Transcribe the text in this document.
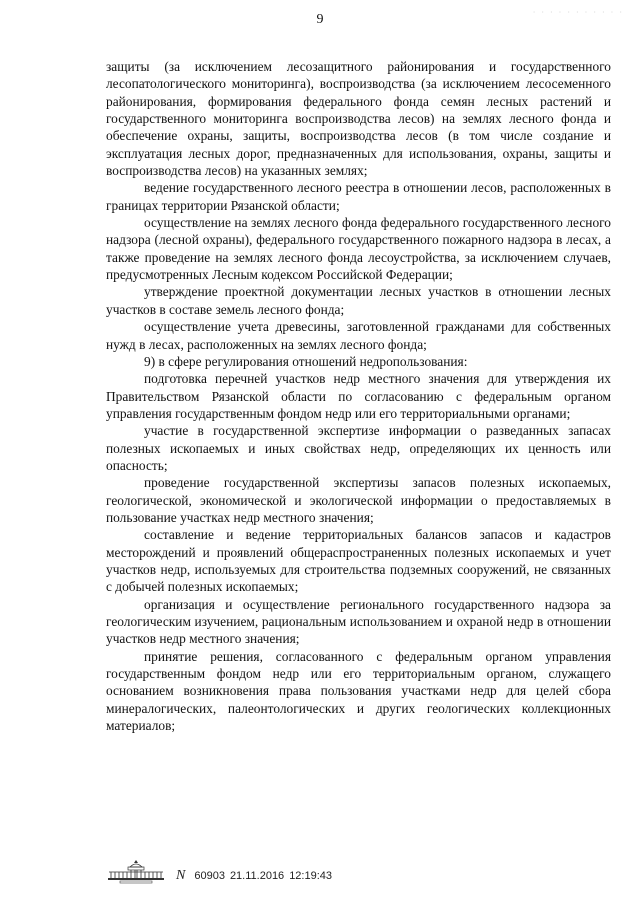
· · · · · · · · · · ·
9

защиты (за исключением лесозащитного районирования и государственного лесопатологического мониторинга), воспроизводства (за исключением лесосеменного районирования, формирования федерального фонда семян лесных растений и государственного мониторинга воспроизводства лесов) на землях лесного фонда и обеспечение охраны, защиты, воспроизводства лесов (в том числе создание и эксплуатация лесных дорог, предназначенных для использования, охраны, защиты и воспроизводства лесов) на указанных землях;

ведение государственного лесного реестра в отношении лесов, расположенных в границах территории Рязанской области;

осуществление на землях лесного фонда федерального государственного лесного надзора (лесной охраны), федерального государственного пожарного надзора в лесах, а также проведение на землях лесного фонда лесоустройства, за исключением случаев, предусмотренных Лесным кодексом Российской Федерации;

утверждение проектной документации лесных участков в отношении лесных участков в составе земель лесного фонда;

осуществление учета древесины, заготовленной гражданами для собственных нужд в лесах, расположенных на землях лесного фонда;

9) в сфере регулирования отношений недропользования:

подготовка перечней участков недр местного значения для утверждения их Правительством Рязанской области по согласованию с федеральным органом управления государственным фондом недр или его территориальными органами;

участие в государственной экспертизе информации о разведанных запасах полезных ископаемых и иных свойствах недр, определяющих их ценность или опасность;

проведение государственной экспертизы запасов полезных ископаемых, геологической, экономической и экологической информации о предоставляемых в пользование участках недр местного значения;

составление и ведение территориальных балансов запасов и кадастров месторождений и проявлений общераспространенных полезных ископаемых и учет участков недр, используемых для строительства подземных сооружений, не связанных с добычей полезных ископаемых;

организация и осуществление регионального государственного надзора за геологическим изучением, рациональным использованием и охраной недр в отношении участков недр местного значения;

принятие решения, согласованного с федеральным органом управления государственным фондом недр или его территориальным органом, служащего основанием возникновения права пользования участками недр для целей сбора минералогических, палеонтологических и других геологических коллекционных материалов;

N 60903 21.11.2016 12:19:43
